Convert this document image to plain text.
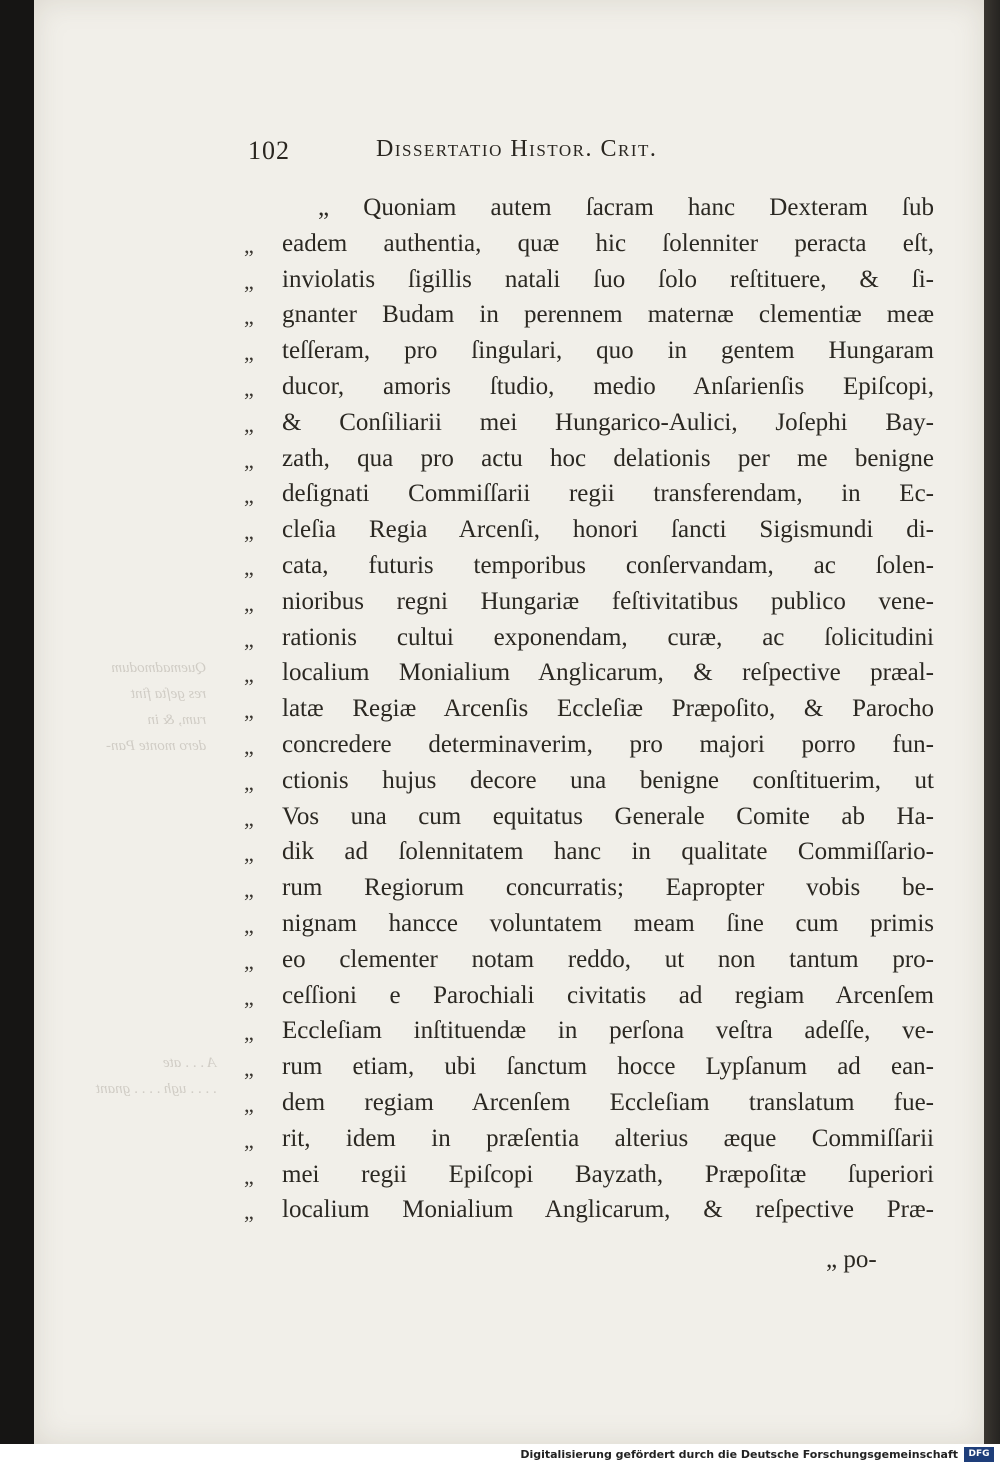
Quemadmodum
res geſta fint
rum, & in
dero monte Pan-
A . . . ate
. . . . ugh . . . . gnant
102	Dissertatio Histor. Crit.
„ Quoniam autem ſacram hanc Dexteram ſub
„	eadem authentia, quæ hic ſolenniter peracta eſt,
„	inviolatis ſigillis natali ſuo ſolo reſtituere, & ſi-
„	gnanter Budam in perennem maternæ clementiæ meæ
„	teſſeram, pro ſingulari, quo in gentem Hungaram
„	ducor, amoris ſtudio, medio Anſarienſis Epiſcopi,
„	& Conſiliarii mei Hungarico-Aulici, Joſephi Bay-
„	zath, qua pro actu hoc delationis per me benigne
„	deſignati Commiſſarii regii transferendam, in Ec-
„	cleſia Regia Arcenſi, honori ſancti Sigismundi di-
„	cata, futuris temporibus conſervandam, ac ſolen-
„	nioribus regni Hungariæ feſtivitatibus publico vene-
„	rationis cultui exponendam, curæ, ac ſolicitudini
„	localium Monialium Anglicarum, & reſpective præal-
„	latæ Regiæ Arcenſis Eccleſiæ Præpoſito, & Parocho
„	concredere determinaverim, pro majori porro fun-
„	ctionis hujus decore una benigne conſtituerim, ut
„	Vos una cum equitatus Generale Comite ab Ha-
„	dik ad ſolennitatem hanc in qualitate Commiſſario-
„	rum Regiorum concurratis; Eapropter vobis be-
„	nignam hancce voluntatem meam ſine cum primis
„	eo clementer notam reddo, ut non tantum pro-
„	ceſſioni e Parochiali civitatis ad regiam Arcenſem
„	Eccleſiam inſtituendæ in perſona veſtra adeſſe, ve-
„	rum etiam, ubi ſanctum hocce Lypſanum ad ean-
„	dem regiam Arcenſem Eccleſiam translatum fue-
„	rit, idem in præſentia alterius æque Commiſſarii
„	mei regii Epiſcopi Bayzath, Præpoſitæ ſuperiori
„	localium Monialium Anglicarum, & reſpective Præ-
„ po-
Digitalisierung gefördert durch die Deutsche Forschungsgemeinschaft	DFG
